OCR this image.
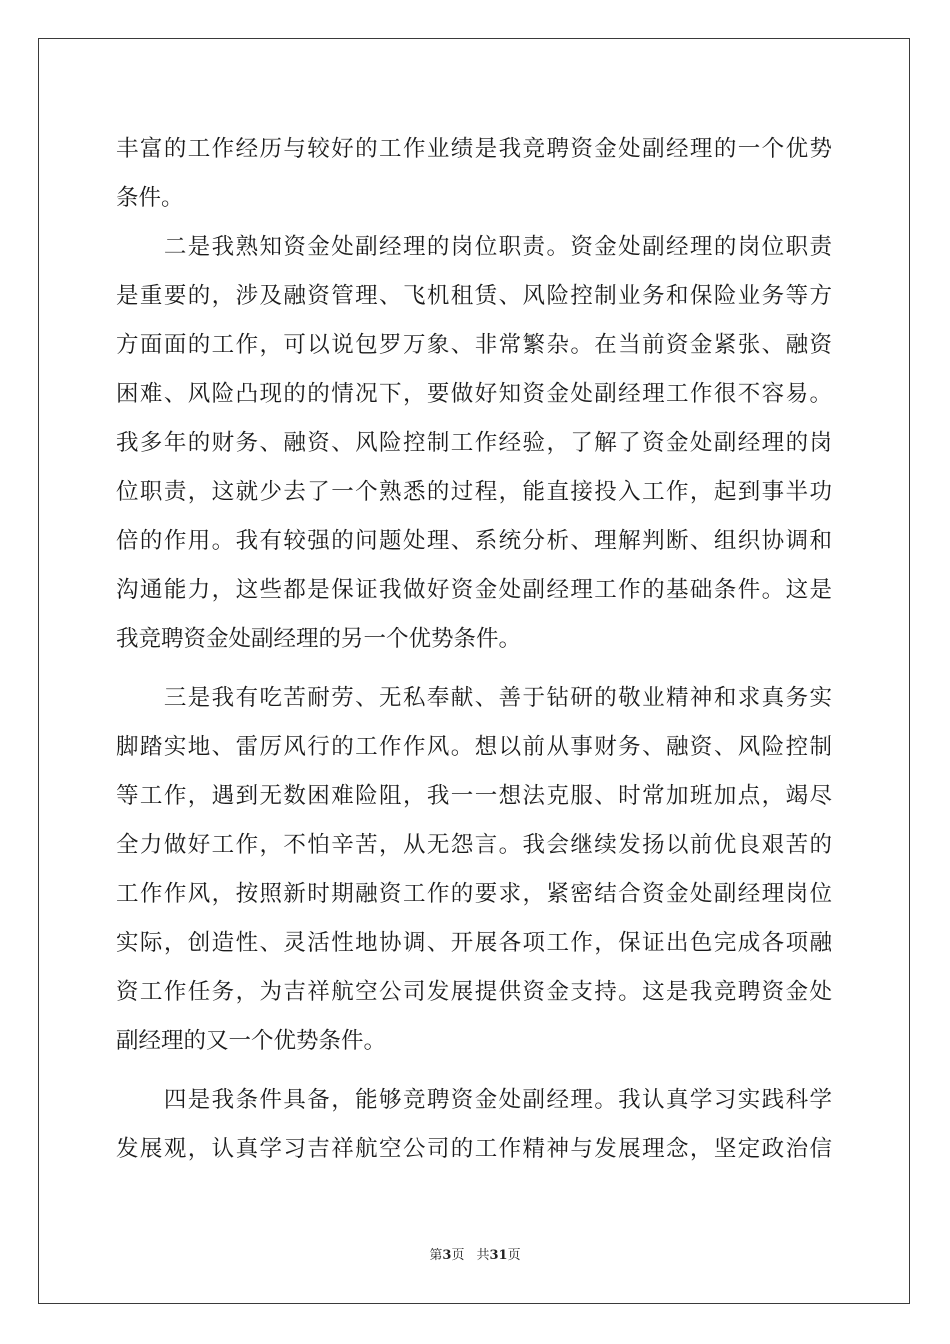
丰富的工作经历与较好的工作业绩是我竞聘资金处副经理的一个优势
条件。
　　二是我熟知资金处副经理的岗位职责。资金处副经理的岗位职责
是重要的，涉及融资管理、飞机租赁、风险控制业务和保险业务等方
方面面的工作，可以说包罗万象、非常繁杂。在当前资金紧张、融资
困难、风险凸现的的情况下，要做好知资金处副经理工作很不容易。
我多年的财务、融资、风险控制工作经验，了解了资金处副经理的岗
位职责，这就少去了一个熟悉的过程，能直接投入工作，起到事半功
倍的作用。我有较强的问题处理、系统分析、理解判断、组织协调和
沟通能力，这些都是保证我做好资金处副经理工作的基础条件。这是
我竞聘资金处副经理的另一个优势条件。
　　三是我有吃苦耐劳、无私奉献、善于钻研的敬业精神和求真务实
脚踏实地、雷厉风行的工作作风。想以前从事财务、融资、风险控制
等工作，遇到无数困难险阻，我一一想法克服、时常加班加点，竭尽
全力做好工作，不怕辛苦，从无怨言。我会继续发扬以前优良艰苦的
工作作风，按照新时期融资工作的要求，紧密结合资金处副经理岗位
实际，创造性、灵活性地协调、开展各项工作，保证出色完成各项融
资工作任务，为吉祥航空公司发展提供资金支持。这是我竞聘资金处
副经理的又一个优势条件。
　　四是我条件具备，能够竞聘资金处副经理。我认真学习实践科学
发展观，认真学习吉祥航空公司的工作精神与发展理念，坚定政治信
第3页 共31页
